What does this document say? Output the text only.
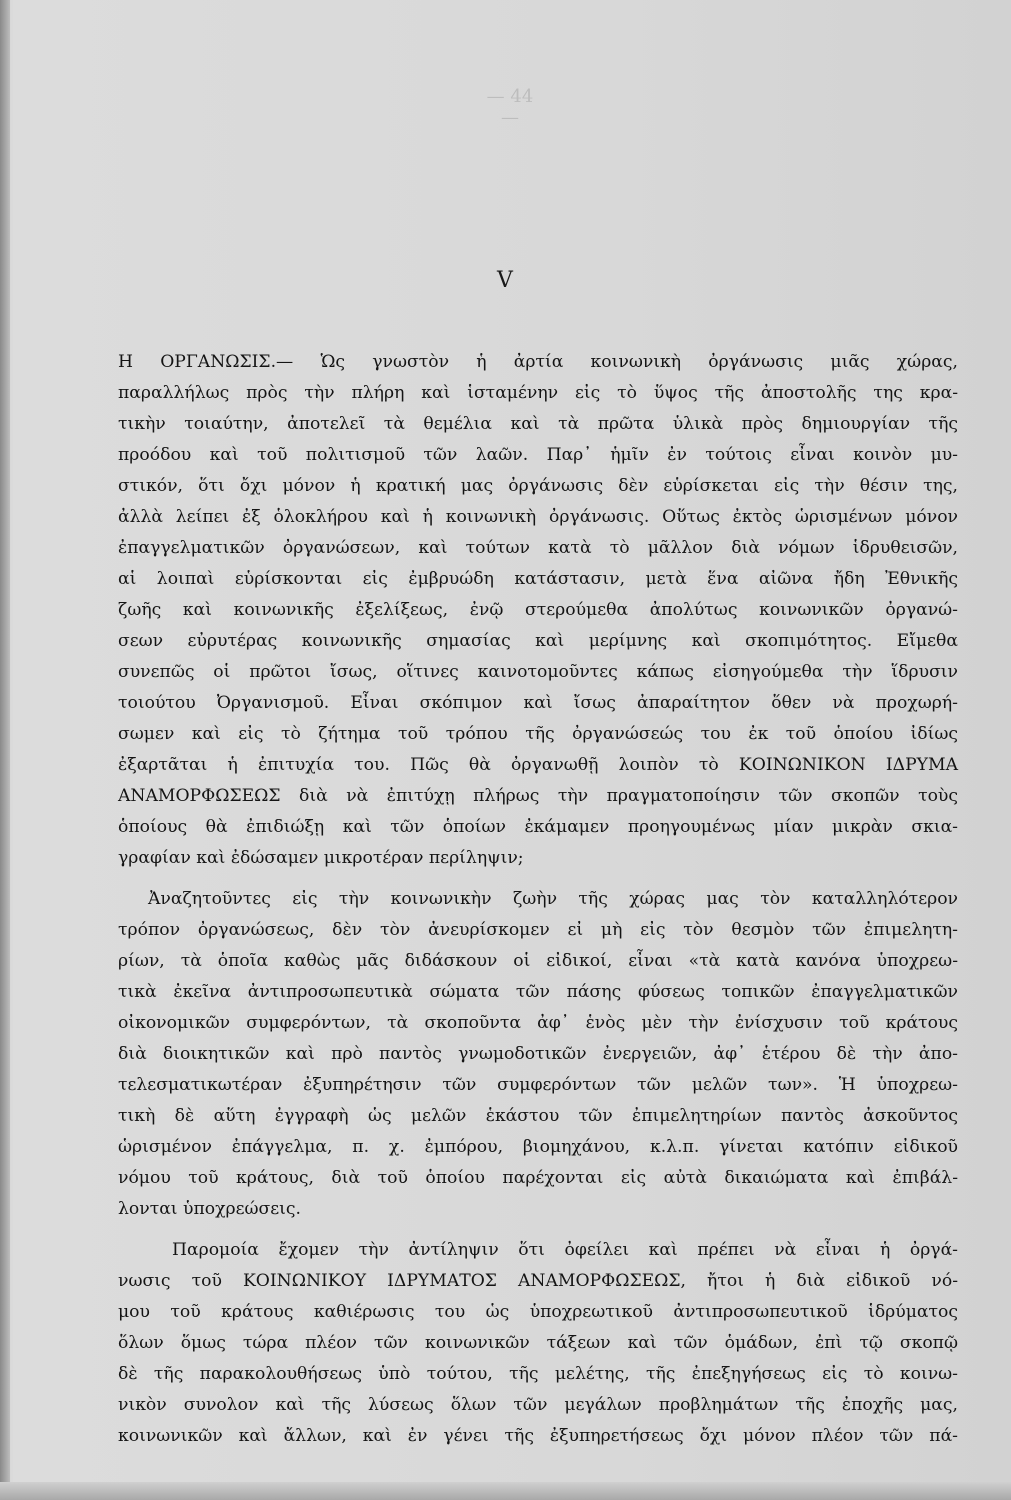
— 44 —
V
Η ΟΡΓΑΝΩΣΙΣ.— Ὡς γνωστὸν ἡ ἀρτία κοινωνικὴ ὀργάνωσις μιᾶς χώρας,
παραλλήλως πρὸς τὴν πλήρη καὶ ἱσταμένην εἰς τὸ ὕψος τῆς ἀποστολῆς της κρα-
τικὴν τοιαύτην, ἀποτελεῖ τὰ θεμέλια καὶ τὰ πρῶτα ὑλικὰ πρὸς δημιουργίαν τῆς
προόδου καὶ τοῦ πολιτισμοῦ τῶν λαῶν. Παρ᾽ ἡμῖν ἐν τούτοις εἶναι κοινὸν μυ-
στικόν, ὅτι ὄχι μόνον ἡ κρατική μας ὀργάνωσις δὲν εὑρίσκεται εἰς τὴν θέσιν της,
ἀλλὰ λείπει ἐξ ὁλοκλήρου καὶ ἡ κοινωνικὴ ὀργάνωσις. Οὕτως ἐκτὸς ὡρισμένων μόνον
ἐπαγγελματικῶν ὀργανώσεων, καὶ τούτων κατὰ τὸ μᾶλλον διὰ νόμων ἱδρυθεισῶν,
αἱ λοιπαὶ εὑρίσκονται εἰς ἐμβρυώδη κατάστασιν, μετὰ ἕνα αἰῶνα ἤδη Ἐθνικῆς
ζωῆς καὶ κοινωνικῆς ἐξελίξεως, ἐνῷ στερούμεθα ἀπολύτως κοινωνικῶν ὀργανώ-
σεων εὐρυτέρας κοινωνικῆς σημασίας καὶ μερίμνης καὶ σκοπιμότητος. Εἴμεθα
συνεπῶς οἱ πρῶτοι ἴσως, οἵτινες καινοτομοῦντες κάπως εἰσηγούμεθα τὴν ἵδρυσιν
τοιούτου Ὀργανισμοῦ. Εἶναι σκόπιμον καὶ ἴσως ἀπαραίτητον ὅθεν νὰ προχωρή-
σωμεν καὶ εἰς τὸ ζήτημα τοῦ τρόπου τῆς ὀργανώσεώς του ἐκ τοῦ ὁποίου ἰδίως
ἐξαρτᾶται ἡ ἐπιτυχία του. Πῶς θὰ ὀργανωθῇ λοιπὸν τὸ ΚΟΙΝΩΝΙΚΟΝ ΙΔΡΥΜΑ
ΑΝΑΜΟΡΦΩΣΕΩΣ διὰ νὰ ἐπιτύχῃ πλήρως τὴν πραγματοποίησιν τῶν σκοπῶν τοὺς
ὁποίους θὰ ἐπιδιώξῃ καὶ τῶν ὁποίων ἐκάμαμεν προηγουμένως μίαν μικρὰν σκια-
γραφίαν καὶ ἐδώσαμεν μικροτέραν περίληψιν;
Ἀναζητοῦντες εἰς τὴν κοινωνικὴν ζωὴν τῆς χώρας μας τὸν καταλληλότερον
τρόπον ὀργανώσεως, δὲν τὸν ἀνευρίσκομεν εἰ μὴ εἰς τὸν θεσμὸν τῶν ἐπιμελητη-
ρίων, τὰ ὁποῖα καθὼς μᾶς διδάσκουν οἱ εἰδικοί, εἶναι «τὰ κατὰ κανόνα ὑποχρεω-
τικὰ ἐκεῖνα ἀντιπροσωπευτικὰ σώματα τῶν πάσης φύσεως τοπικῶν ἐπαγγελματικῶν
οἰκονομικῶν συμφερόντων, τὰ σκοποῦντα ἀφ᾽ ἑνὸς μὲν τὴν ἐνίσχυσιν τοῦ κράτους
διὰ διοικητικῶν καὶ πρὸ παντὸς γνωμοδοτικῶν ἐνεργειῶν, ἀφ᾽ ἑτέρου δὲ τὴν ἀπο-
τελεσματικωτέραν ἐξυπηρέτησιν τῶν συμφερόντων τῶν μελῶν των». Ἡ ὑποχρεω-
τικὴ δὲ αὕτη ἐγγραφὴ ὡς μελῶν ἑκάστου τῶν ἐπιμελητηρίων παντὸς ἀσκοῦντος
ὡρισμένον ἐπάγγελμα, π. χ. ἐμπόρου, βιομηχάνου, κ.λ.π. γίνεται κατόπιν εἰδικοῦ
νόμου τοῦ κράτους, διὰ τοῦ ὁποίου παρέχονται εἰς αὐτὰ δικαιώματα καὶ ἐπιβάλ-
λονται ὑποχρεώσεις.
Παρομοία ἔχομεν τὴν ἀντίληψιν ὅτι ὀφείλει καὶ πρέπει νὰ εἶναι ἡ ὀργά-
νωσις τοῦ ΚΟΙΝΩΝΙΚΟΥ ΙΔΡΥΜΑΤΟΣ ΑΝΑΜΟΡΦΩΣΕΩΣ, ἤτοι ἡ διὰ εἰδικοῦ νό-
μου τοῦ κράτους καθιέρωσις του ὡς ὑποχρεωτικοῦ ἀντιπροσωπευτικοῦ ἱδρύματος
ὅλων ὅμως τώρα πλέον τῶν κοινωνικῶν τάξεων καὶ τῶν ὁμάδων, ἐπὶ τῷ σκοπῷ
δὲ τῆς παρακολουθήσεως ὑπὸ τούτου, τῆς μελέτης, τῆς ἐπεξηγήσεως εἰς τὸ κοινω-
νικὸν συνολον καὶ τῆς λύσεως ὅλων τῶν μεγάλων προβλημάτων τῆς ἐποχῆς μας,
κοινωνικῶν καὶ ἄλλων, καὶ ἐν γένει τῆς ἐξυπηρετήσεως ὄχι μόνον πλέον τῶν πά-
